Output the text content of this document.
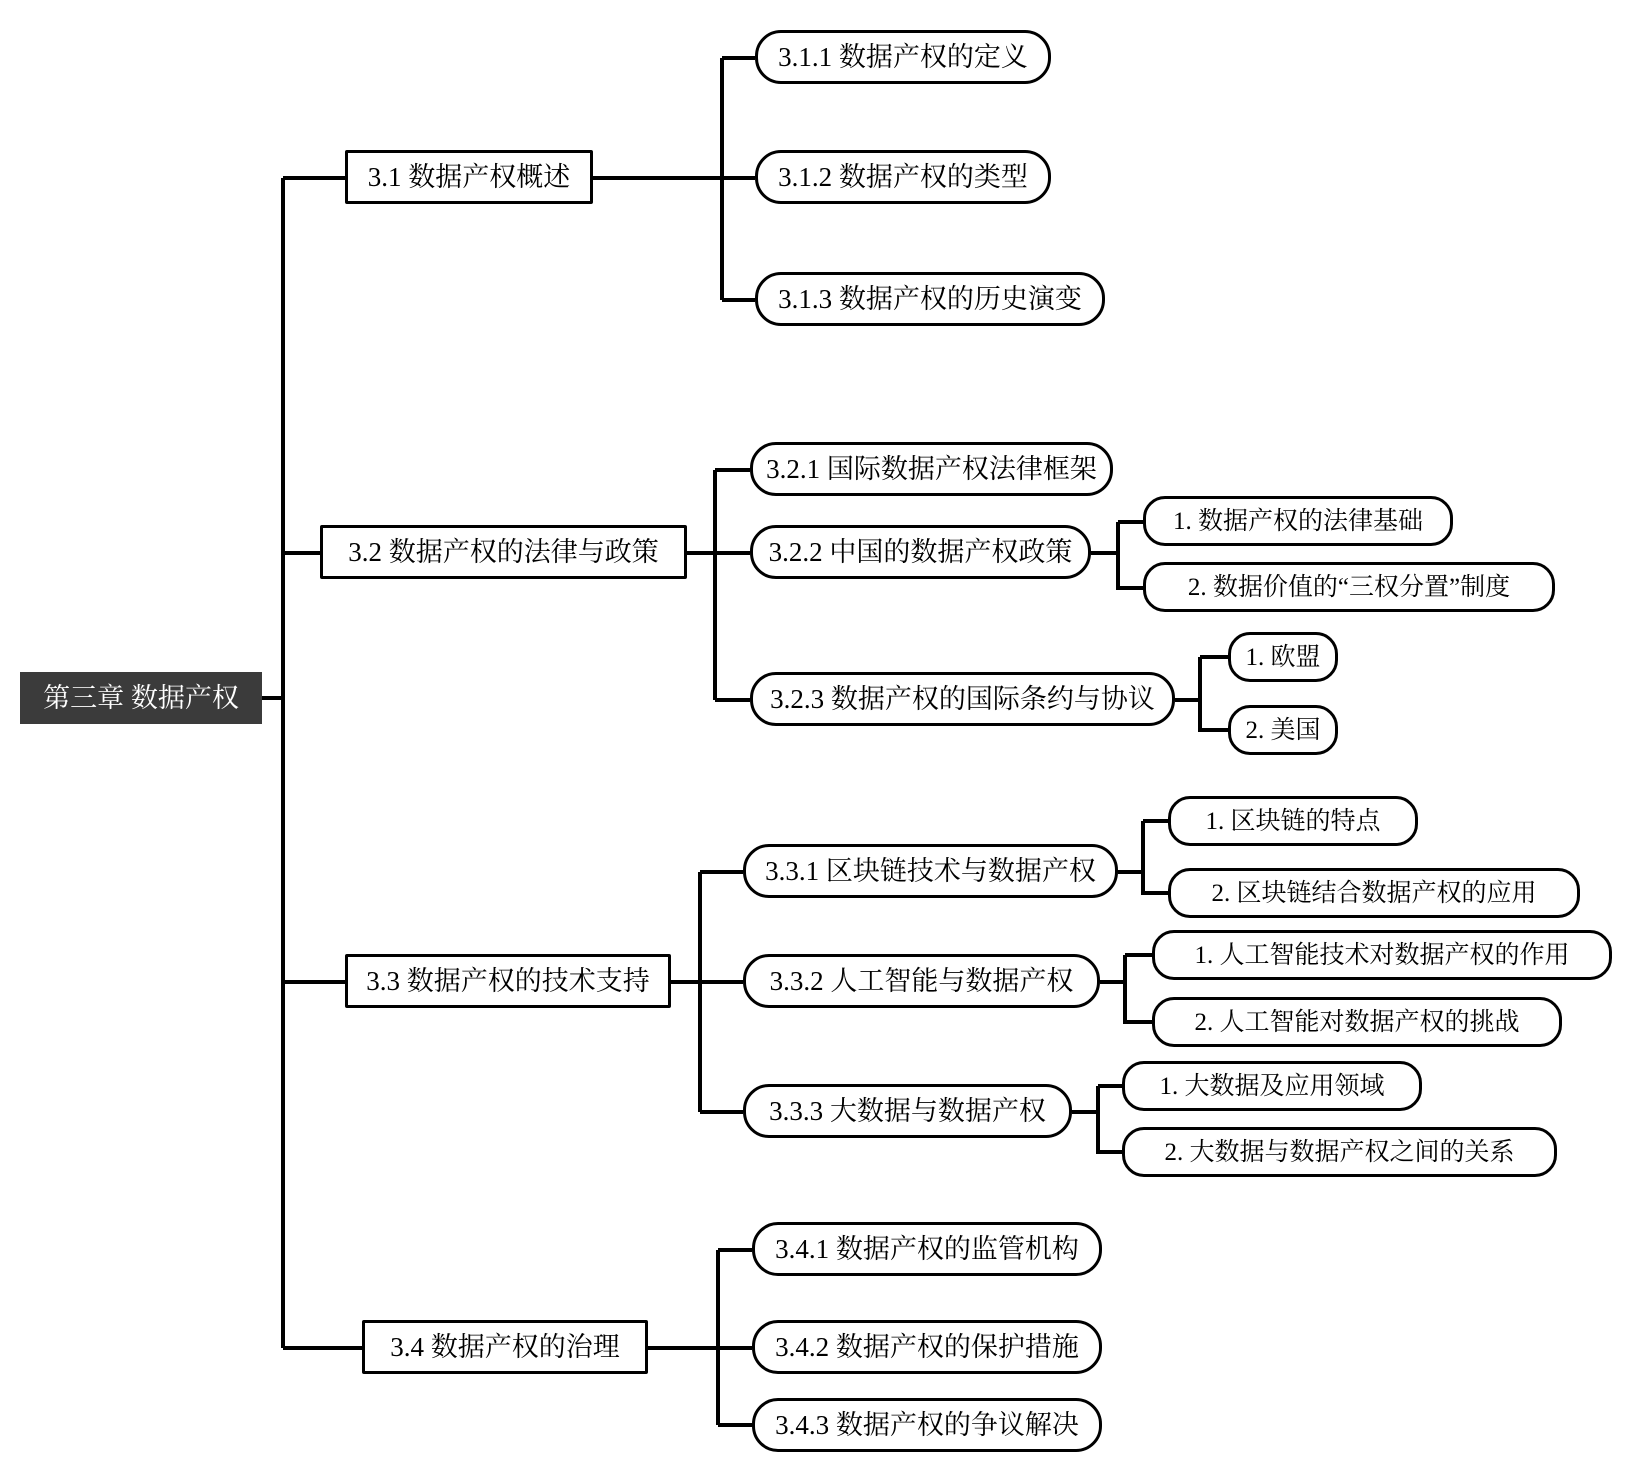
第三章 数据产权
3.1 数据产权概述
3.2 数据产权的法律与政策
3.3 数据产权的技术支持
3.4 数据产权的治理
3.1.1 数据产权的定义
3.1.2 数据产权的类型
3.1.3 数据产权的历史演变
3.2.1 国际数据产权法律框架
3.2.2 中国的数据产权政策
3.2.3 数据产权的国际条约与协议
1. 数据产权的法律基础
2. 数据价值的“三权分置”制度
1. 欧盟
2. 美国
3.3.1 区块链技术与数据产权
3.3.2 人工智能与数据产权
3.3.3 大数据与数据产权
1. 区块链的特点
2. 区块链结合数据产权的应用
1. 人工智能技术对数据产权的作用
2. 人工智能对数据产权的挑战
1. 大数据及应用领域
2. 大数据与数据产权之间的关系
3.4.1 数据产权的监管机构
3.4.2 数据产权的保护措施
3.4.3 数据产权的争议解决
